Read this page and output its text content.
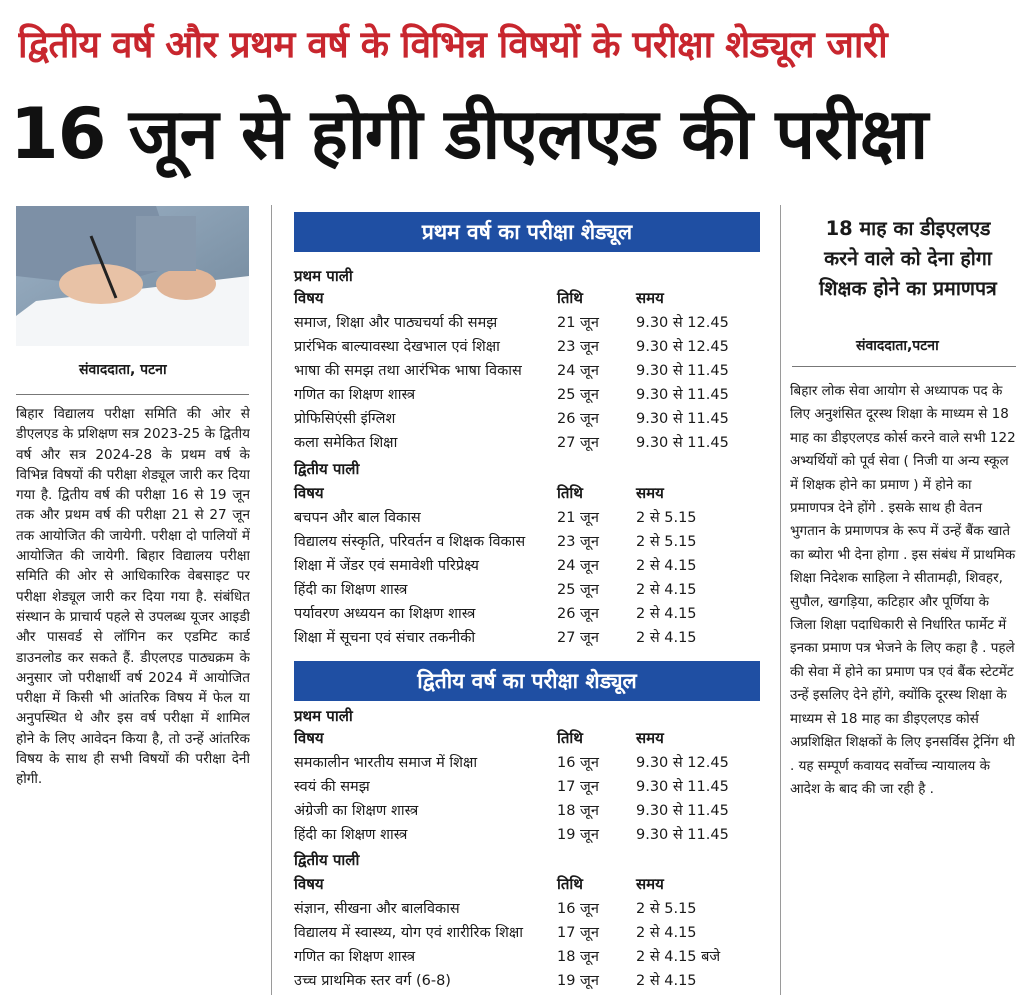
द्वितीय वर्ष और प्रथम वर्ष के विभिन्न विषयों के परीक्षा शेड्यूल जारी
16 जून से होगी डीएलएड की परीक्षा
संवाददाता, पटना

बिहार विद्यालय परीक्षा समिति की ओर से डीएलएड के प्रशिक्षण सत्र 2023-25 के द्वितीय वर्ष और सत्र 2024-28 के प्रथम वर्ष के विभिन्न विषयों की परीक्षा शेड्यूल जारी कर दिया गया है. द्वितीय वर्ष की परीक्षा 16 से 19 जून तक और प्रथम वर्ष की परीक्षा 21 से 27 जून तक आयोजित की जायेगी. परीक्षा दो पालियों में आयोजित की जायेगी. बिहार विद्यालय परीक्षा समिति की ओर से आधिकारिक वेबसाइट पर परीक्षा शेड्यूल जारी कर दिया गया है. संबंधित संस्थान के प्राचार्य पहले से उपलब्ध यूजर आइडी और पासवर्ड से लॉगिन कर एडमिट कार्ड डाउनलोड कर सकते हैं. डीएलएड पाठ्यक्रम के अनुसार जो परीक्षार्थी वर्ष 2024 में आयोजित परीक्षा में किसी भी आंतरिक विषय में फेल या अनुपस्थित थे और इस वर्ष परीक्षा में शामिल होने के लिए आवेदन किया है, तो उन्हें आंतरिक विषय के साथ ही सभी विषयों की परीक्षा देनी होगी.

प्रथम वर्ष का परीक्षा शेड्यूल
प्रथम पाली
विषय	तिथि	समय
समाज, शिक्षा और पाठ्यचर्या की समझ	21 जून	9.30 से 12.45
प्रारंभिक बाल्यावस्था देखभाल एवं शिक्षा	23 जून	9.30 से 12.45
भाषा की समझ तथा आरंभिक भाषा विकास 24 जून	9.30 से 11.45
गणित का शिक्षण शास्त्र	25 जून	9.30 से 11.45
प्रोफिसिएंसी इंग्लिश	26 जून	9.30 से 11.45
कला समेकित शिक्षा	27 जून	9.30 से 11.45
द्वितीय पाली
विषय	तिथि	समय
बचपन और बाल विकास	21 जून	2 से 5.15
विद्यालय संस्कृति, परिवर्तन व शिक्षक विकास 23 जून	2 से 5.15
शिक्षा में जेंडर एवं समावेशी परिप्रेक्ष्य	24 जून	2 से 4.15
हिंदी का शिक्षण शास्त्र	25 जून	2 से 4.15
पर्यावरण अध्ययन का शिक्षण शास्त्र	26 जून	2 से 4.15
शिक्षा में सूचना एवं संचार तकनीकी	27 जून	2 से 4.15
द्वितीय वर्ष का परीक्षा शेड्यूल
प्रथम पाली
विषय	तिथि	समय
समकालीन भारतीय समाज में शिक्षा	16 जून	9.30 से 12.45
स्वयं की समझ	17 जून	9.30 से 11.45
अंग्रेजी का शिक्षण शास्त्र	18 जून	9.30 से 11.45
हिंदी का शिक्षण शास्त्र	19 जून	9.30 से 11.45
द्वितीय पाली
विषय	तिथि	समय
संज्ञान, सीखना और बालविकास	16 जून	2 से 5.15
विद्यालय में स्वास्थ्य, योग एवं शारीरिक शिक्षा 17 जून	2 से 4.15
गणित का शिक्षण शास्त्र	18 जून	2 से 4.15 बजे
उच्च प्राथमिक स्तर वर्ग (6-8)	19 जून	2 से 4.15
18 माह का डीइएलएड
करने वाले को देना होगा
शिक्षक होने का प्रमाणपत्र
संवाददाता,पटना

बिहार लोक सेवा आयोग से अध्यापक पद के लिए अनुशंसित दूरस्थ शिक्षा के माध्यम से 18 माह का डीइएलएड कोर्स करने वाले सभी 122 अभ्यर्थियों को पूर्व सेवा ( निजी या अन्य स्कूल में शिक्षक होने का प्रमाण ) में होने का प्रमाणपत्र देने होंगे . इसके साथ ही वेतन भुगतान के प्रमाणपत्र के रूप में उन्हें बैंक खाते का ब्योरा भी देना होगा . इस संबंध में प्राथमिक शिक्षा निदेशक साहिला ने सीतामढ़ी, शिवहर, सुपौल, खगड़िया, कटिहार और पूर्णिया के जिला शिक्षा पदाधिकारी से निर्धारित फार्मेट में इनका प्रमाण पत्र भेजने के लिए कहा है . पहले की सेवा में होने का प्रमाण पत्र एवं बैंक स्टेटमेंट उन्हें इसलिए देने होंगे, क्योंकि दूरस्थ शिक्षा के माध्यम से 18 माह का डीइएलएड कोर्स अप्रशिक्षित शिक्षकों के लिए इनसर्विस ट्रेनिंग थी . यह सम्पूर्ण कवायद सर्वोच्च न्यायालय के आदेश के बाद की जा रही है .
